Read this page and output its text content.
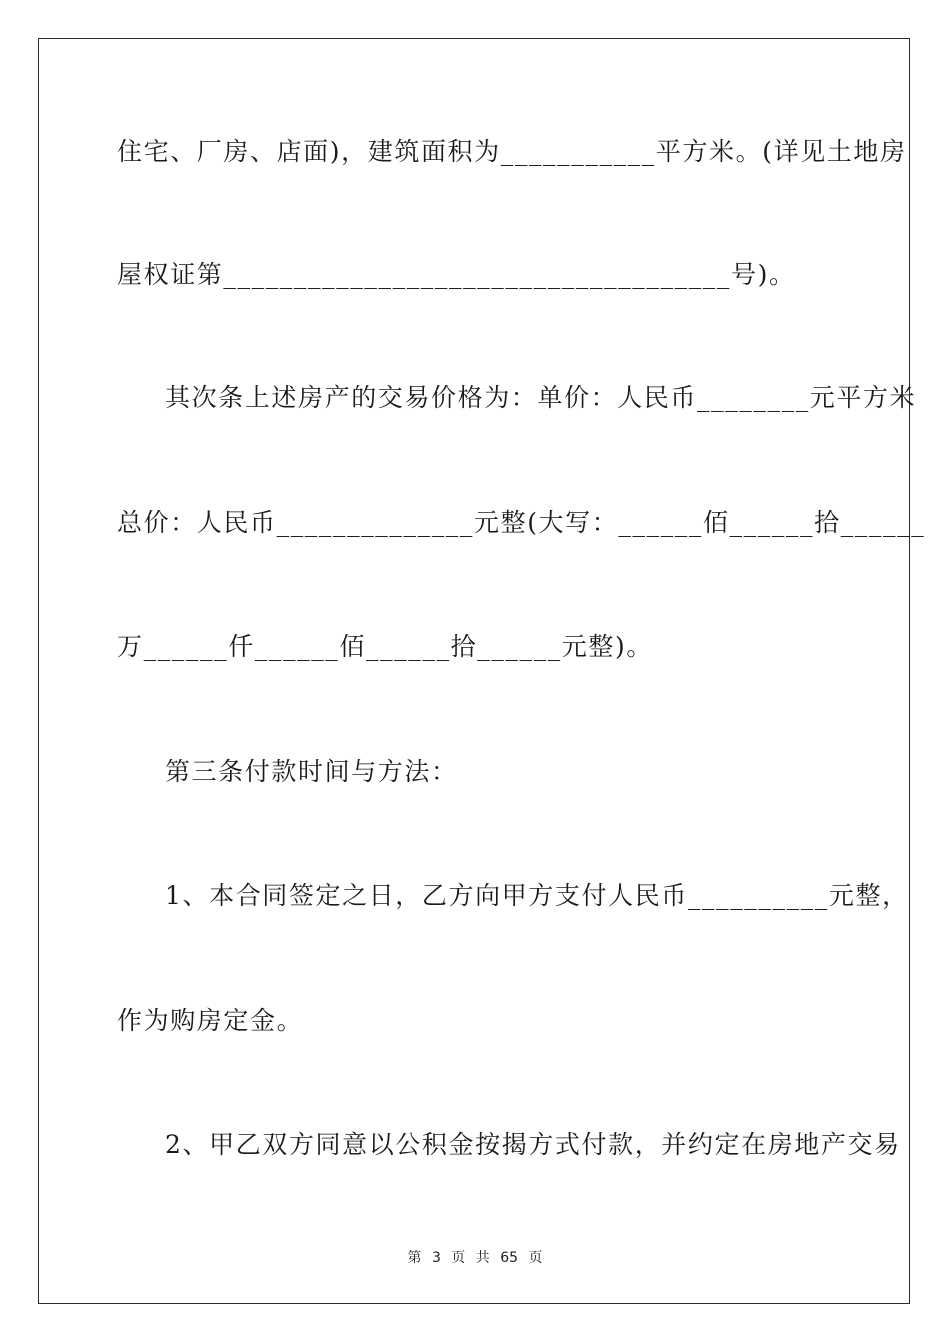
住宅、厂房、店面)，建筑面积为___________平方米。(详见土地房
屋权证第____________________________________号)。
其次条上述房产的交易价格为：单价：人民币________元平方米
总价：人民币______________元整(大写：______佰______拾______
万______仟______佰______拾______元整)。
第三条付款时间与方法：
1、本合同签定之日，乙方向甲方支付人民币__________元整，
作为购房定金。
2、甲乙双方同意以公积金按揭方式付款，并约定在房地产交易
第 3 页 共 65 页
